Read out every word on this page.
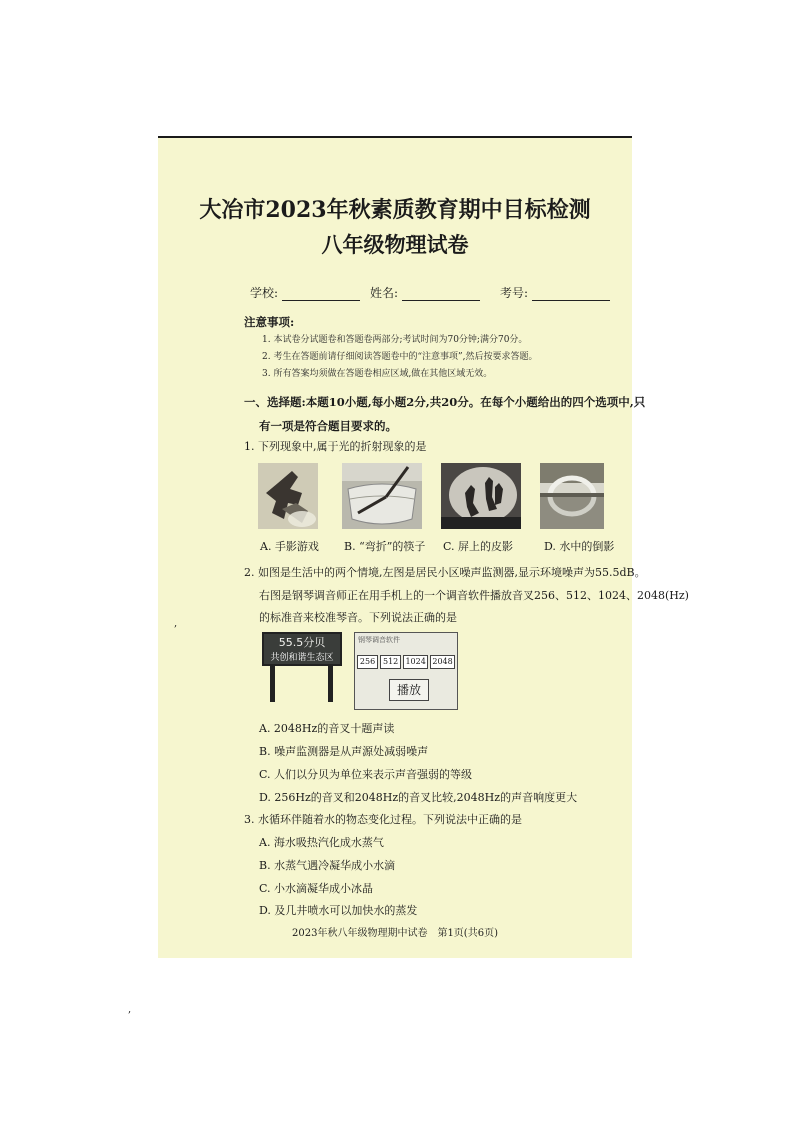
大冶市2023年秋素质教育期中目标检测
八年级物理试卷
学校:	姓名:	考号:
注意事项:
1. 本试卷分试题卷和答题卷两部分;考试时间为70分钟;满分70分。
2. 考生在答题前请仔细阅读答题卷中的“注意事项”,然后按要求答题。
3. 所有答案均须做在答题卷相应区域,做在其他区域无效。
一、选择题:本题10小题,每小题2分,共20分。在每个小题给出的四个选项中,只
有一项是符合题目要求的。
1. 下列现象中,属于光的折射现象的是
A. 手影游戏 B. “弯折”的筷子 C. 屏上的皮影	D. 水中的倒影
2. 如图是生活中的两个情境,左图是居民小区噪声监测器,显示环境噪声为55.5dB。
右图是钢琴调音师正在用手机上的一个调音软件播放音叉256、512、1024、2048(Hz)
的标准音来校准琴音。下列说法正确的是
55.5分贝
共创和谐生态区
钢琴调音软件
256 512 1024 2048
播放
A. 2048Hz的音叉十题声读
B. 噪声监测器是从声源处减弱噪声
C. 人们以分贝为单位来表示声音强弱的等级
D. 256Hz的音叉和2048Hz的音叉比较,2048Hz的声音响度更大
3. 水循环伴随着水的物态变化过程。下列说法中正确的是
A. 海水吸热汽化成水蒸气
B. 水蒸气遇冷凝华成小水滴
C. 小水滴凝华成小冰晶
D. 及几井喷水可以加快水的蒸发
2023年秋八年级物理期中试卷　第1页(共6页)
,
,
